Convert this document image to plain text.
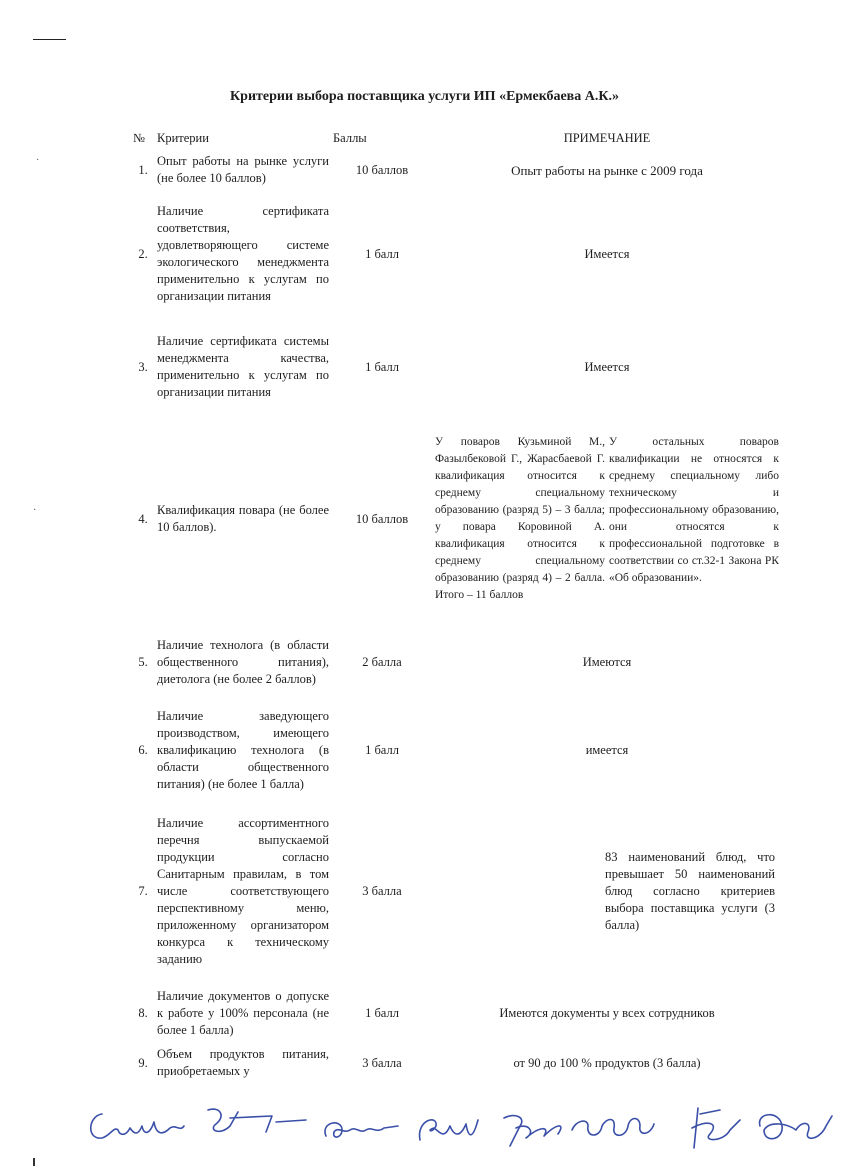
·
·
Критерии выбора поставщика услуги ИП «Ермекбаева А.К.»
№	Критерии	Баллы	ПРИМЕЧАНИЕ
1.	Опыт работы на рынке услуги (не более 10 баллов)	10 баллов	Опыт работы на рынке с 2009 года
2.	Наличие сертификата соответствия, удовлетворяющего системе экологического менеджмента применительно к услугам по организации питания	1 балл	Имеется
3.	Наличие сертификата системы менеджмента качества, применительно к услугам по организации питания	1 балл	Имеется
4.	Квалификация повара (не более 10 баллов).	10 баллов	У поваров Кузьминой М., Фазылбековой Г., Жарасбаевой Г. квалификация относится к среднему специальному образованию (разряд 5) – 3 балла; у повара Коровиной А. квалификация относится к среднему специальному образованию (разряд 4) – 2 балла. Итого – 11 баллов
У остальных поваров квалификации не относятся к среднему специальному либо техническому и профессиональному образованию, они относятся к профессиональной подготовке в соответствии со ст.32-1 Закона РК «Об образовании».

5.	Наличие технолога (в области общественного питания), диетолога (не более 2 баллов)	2 балла	Имеются
6.	Наличие заведующего производством, имеющего квалификацию технолога (в области общественного питания) (не более 1 балла)	1 балл	имеется
7.	Наличие ассортиментного перечня выпускаемой продукции согласно Санитарным правилам, в том числе соответствующего перспективному меню, приложенному организатором конкурса к техническому заданию	3 балла	83 наименований блюд, что превышает 50 наименований блюд согласно критериев выбора поставщика услуги (3 балла)

8.	Наличие документов о допуске к работе у 100% персонала (не более 1 балла)	1 балл	Имеются документы у всех сотрудников
9.	Объем продуктов питания, приобретаемых у	3 балла	от 90 до 100 % продуктов (3 балла)
